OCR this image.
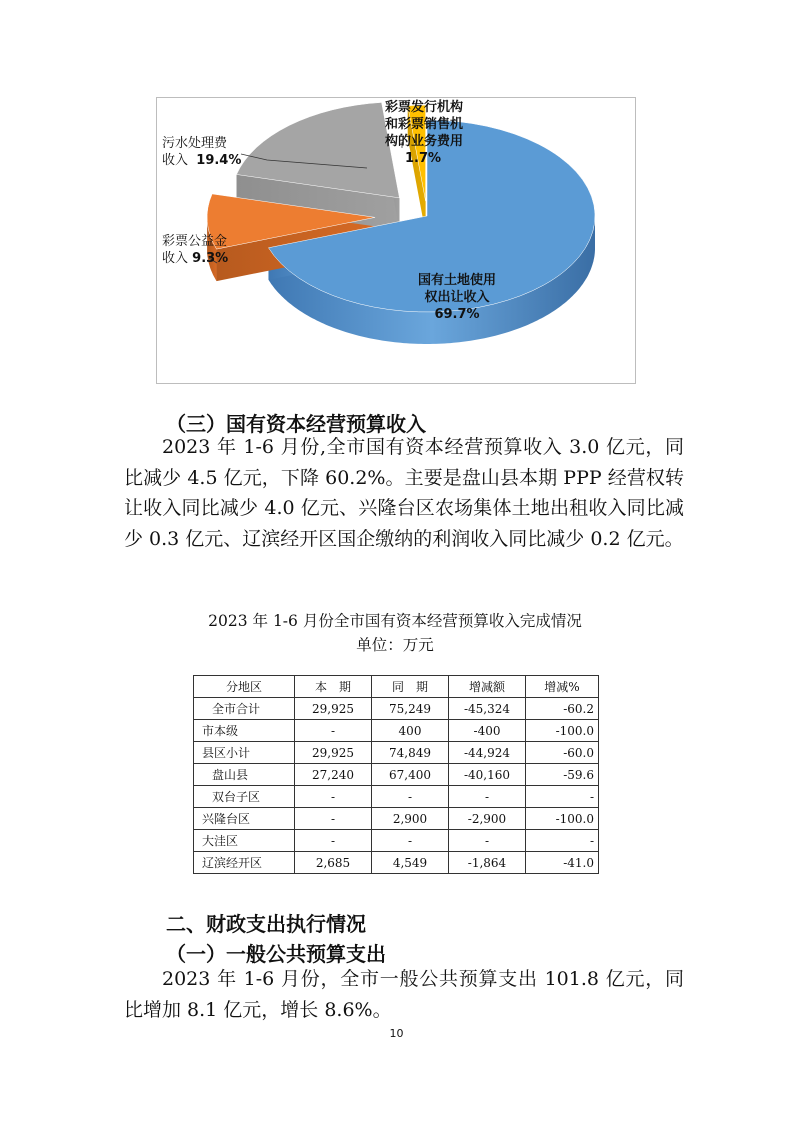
污水处理费
收入 19.4%
彩票公益金
收入 9.3%
彩票发行机构
和彩票销售机
构的业务费用
1.7%
国有土地使用
权出让收入
69.7%
（三）国有资本经营预算收入

2023 年 1-6 月份,全市国有资本经营预算收入 3.0 亿元，同比减少 4.5 亿元，下降 60.2%。主要是盘山县本期 PPP 经营权转让收入同比减少 4.0 亿元、兴隆台区农场集体土地出租收入同比减少 0.3 亿元、辽滨经开区国企缴纳的利润收入同比减少 0.2 亿元。

2023 年 1-6 月份全市国有资本经营预算收入完成情况
单位：万元
分地区	本　期	同　期	增减额	增减%
全市合计	29,925	75,249	-45,324	-60.2
市本级	-	400	-400	-100.0
县区小计	29,925	74,849	-44,924	-60.0
盘山县	27,240	67,400	-40,160	-59.6
双台子区	-	-	-	-
兴隆台区	-	2,900	-2,900	-100.0
大洼区	-	-	-	-
辽滨经开区	2,685	4,549	-1,864	-41.0
二、财政支出执行情况
（一）一般公共预算支出

2023 年 1-6 月份，全市一般公共预算支出 101.8 亿元，同比增加 8.1 亿元，增长 8.6%。

10
